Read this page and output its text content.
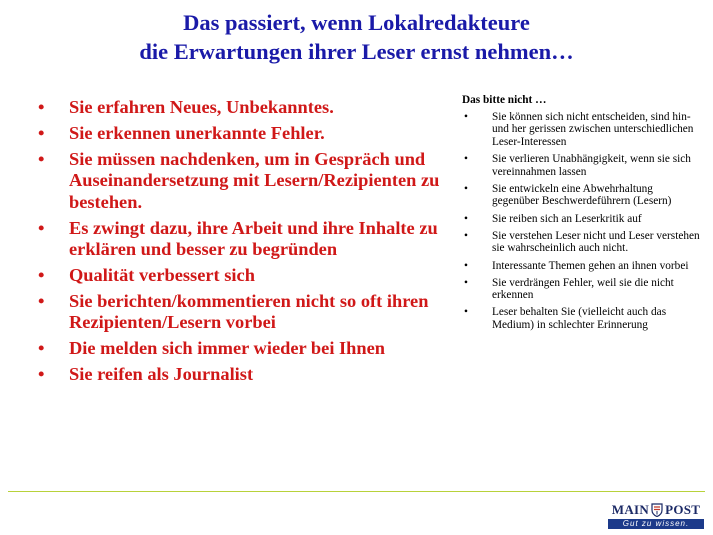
Das passiert, wenn Lokalredakteure
die Erwartungen ihrer Leser ernst nehmen…
• Sie erfahren Neues, Unbekanntes.
• Sie erkennen unerkannte Fehler.
• Sie müssen nachdenken, um in Gespräch und Auseinandersetzung mit Lesern/Rezipienten zu bestehen.
• Es zwingt dazu, ihre Arbeit und ihre Inhalte zu erklären und besser zu begründen
• Qualität verbessert sich
• Sie berichten/kommentieren nicht so oft ihren Rezipienten/Lesern vorbei
• Die melden sich immer wieder bei Ihnen
• Sie reifen als Journalist
Das bitte nicht …
• Sie können sich nicht entscheiden, sind hin- und her gerissen zwischen unterschiedlichen Leser-Interessen
• Sie verlieren Unabhängigkeit, wenn sie sich vereinnahmen lassen
• Sie entwickeln eine Abwehrhaltung gegenüber Beschwerdeführern (Lesern)
• Sie reiben sich an Leserkritik auf
• Sie verstehen Leser nicht und Leser verstehen sie wahrscheinlich auch nicht.
• Interessante Themen gehen an ihnen vorbei
• Sie verdrängen Fehler, weil sie die nicht erkennen
• Leser behalten Sie (vielleicht auch das Medium) in schlechter Erinnerung
MAIN POST
Gut zu wissen.
